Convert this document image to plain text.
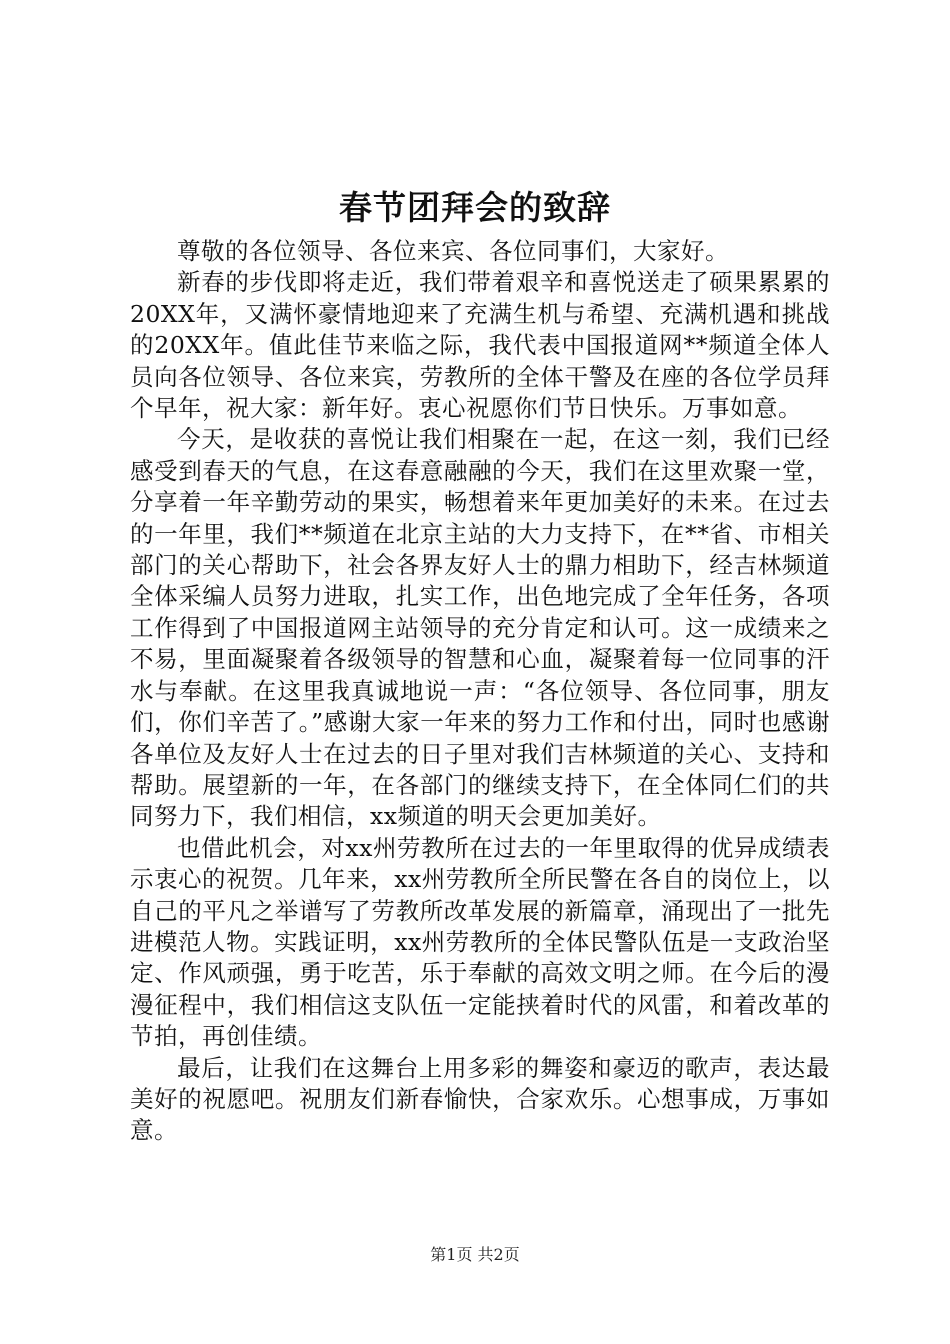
春节团拜会的致辞

尊敬的各位领导、各位来宾、各位同事们，大家好。

新春的步伐即将走近，我们带着艰辛和喜悦送走了硕果累累的20XX年，又满怀豪情地迎来了充满生机与希望、充满机遇和挑战的20XX年。值此佳节来临之际，我代表中国报道网**频道全体人员向各位领导、各位来宾，劳教所的全体干警及在座的各位学员拜个早年，祝大家：新年好。衷心祝愿你们节日快乐。万事如意。

今天，是收获的喜悦让我们相聚在一起，在这一刻，我们已经感受到春天的气息，在这春意融融的今天，我们在这里欢聚一堂，分享着一年辛勤劳动的果实，畅想着来年更加美好的未来。在过去的一年里，我们**频道在北京主站的大力支持下，在**省、市相关部门的关心帮助下，社会各界友好人士的鼎力相助下，经吉林频道全体采编人员努力进取，扎实工作，出色地完成了全年任务，各项工作得到了中国报道网主站领导的充分肯定和认可。这一成绩来之不易，里面凝聚着各级领导的智慧和心血，凝聚着每一位同事的汗水与奉献。在这里我真诚地说一声：“各位领导、各位同事，朋友们，你们辛苦了。”感谢大家一年来的努力工作和付出，同时也感谢各单位及友好人士在过去的日子里对我们吉林频道的关心、支持和帮助。展望新的一年，在各部门的继续支持下，在全体同仁们的共同努力下，我们相信，xx频道的明天会更加美好。

也借此机会，对xx州劳教所在过去的一年里取得的优异成绩表示衷心的祝贺。几年来，xx州劳教所全所民警在各自的岗位上，以自己的平凡之举谱写了劳教所改革发展的新篇章，涌现出了一批先进模范人物。实践证明，xx州劳教所的全体民警队伍是一支政治坚定、作风顽强，勇于吃苦，乐于奉献的高效文明之师。在今后的漫漫征程中，我们相信这支队伍一定能挟着时代的风雷，和着改革的节拍，再创佳绩。

最后，让我们在这舞台上用多彩的舞姿和豪迈的歌声，表达最美好的祝愿吧。祝朋友们新春愉快，合家欢乐。心想事成，万事如意。

第1页 共2页
